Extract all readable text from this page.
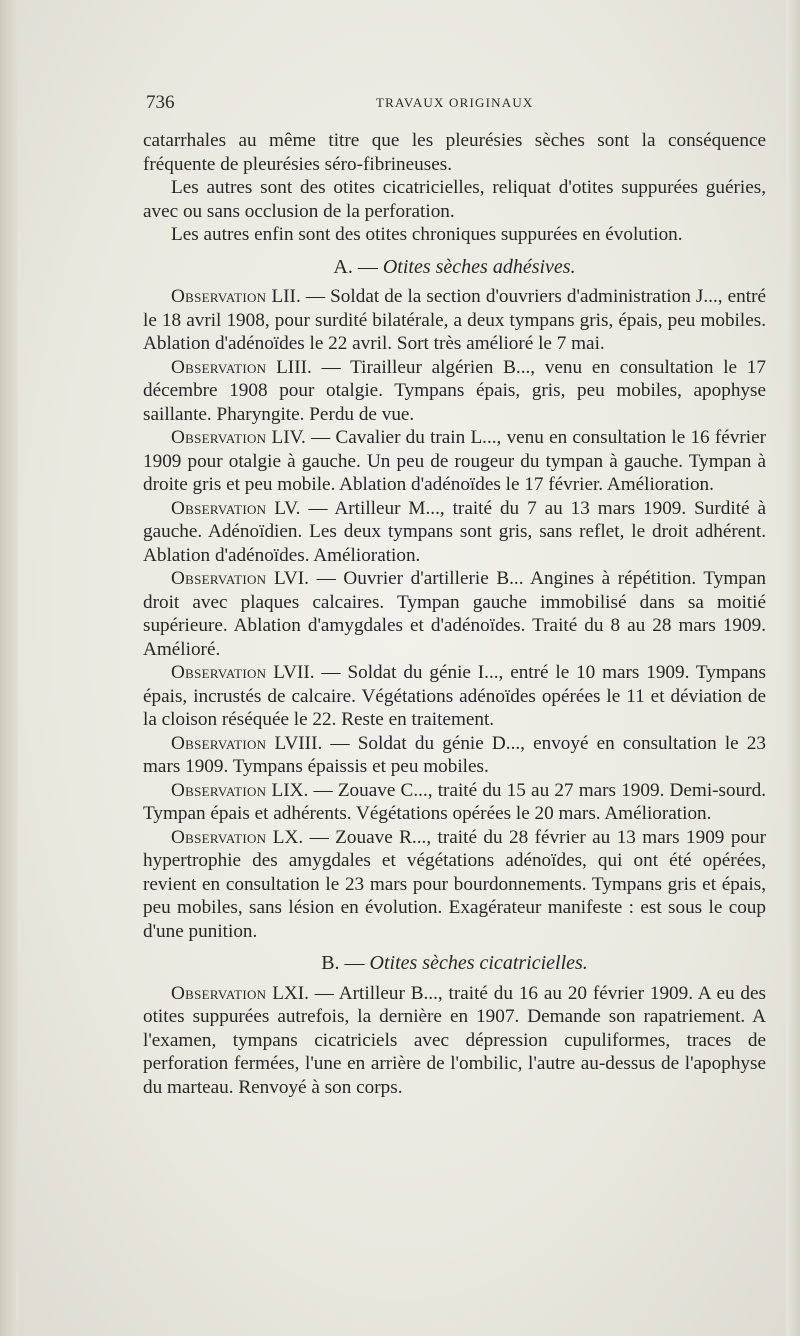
736	TRAVAUX ORIGINAUX

catarrhales au même titre que les pleurésies sèches sont la conséquence fréquente de pleurésies séro-fibrineuses.

Les autres sont des otites cicatricielles, reliquat d'otites suppurées guéries, avec ou sans occlusion de la perforation.

Les autres enfin sont des otites chroniques suppurées en évolution.

A. — Otites sèches adhésives.

Observation LII. — Soldat de la section d'ouvriers d'administration J..., entré le 18 avril 1908, pour surdité bilatérale, a deux tympans gris, épais, peu mobiles. Ablation d'adénoïdes le 22 avril. Sort très amélioré le 7 mai.

Observation LIII. — Tirailleur algérien B..., venu en consultation le 17 décembre 1908 pour otalgie. Tympans épais, gris, peu mobiles, apophyse saillante. Pharyngite. Perdu de vue.

Observation LIV. — Cavalier du train L..., venu en consultation le 16 février 1909 pour otalgie à gauche. Un peu de rougeur du tympan à gauche. Tympan à droite gris et peu mobile. Ablation d'adénoïdes le 17 février. Amélioration.

Observation LV. — Artilleur M..., traité du 7 au 13 mars 1909. Surdité à gauche. Adénoïdien. Les deux tympans sont gris, sans reflet, le droit adhérent. Ablation d'adénoïdes. Amélioration.

Observation LVI. — Ouvrier d'artillerie B... Angines à répétition. Tympan droit avec plaques calcaires. Tympan gauche immobilisé dans sa moitié supérieure. Ablation d'amygdales et d'adénoïdes. Traité du 8 au 28 mars 1909. Amélioré.

Observation LVII. — Soldat du génie I..., entré le 10 mars 1909. Tympans épais, incrustés de calcaire. Végétations adénoïdes opérées le 11 et déviation de la cloison réséquée le 22. Reste en traitement.

Observation LVIII. — Soldat du génie D..., envoyé en consultation le 23 mars 1909. Tympans épaissis et peu mobiles.

Observation LIX. — Zouave C..., traité du 15 au 27 mars 1909. Demi-sourd. Tympan épais et adhérents. Végétations opérées le 20 mars. Amélioration.

Observation LX. — Zouave R..., traité du 28 février au 13 mars 1909 pour hypertrophie des amygdales et végétations adénoïdes, qui ont été opérées, revient en consultation le 23 mars pour bourdonnements. Tympans gris et épais, peu mobiles, sans lésion en évolution. Exagérateur manifeste : est sous le coup d'une punition.

B. — Otites sèches cicatricielles.

Observation LXI. — Artilleur B..., traité du 16 au 20 février 1909. A eu des otites suppurées autrefois, la dernière en 1907. Demande son rapatriement. A l'examen, tympans cicatriciels avec dépression cupuliformes, traces de perforation fermées, l'une en arrière de l'ombilic, l'autre au-dessus de l'apophyse du marteau. Renvoyé à son corps.
